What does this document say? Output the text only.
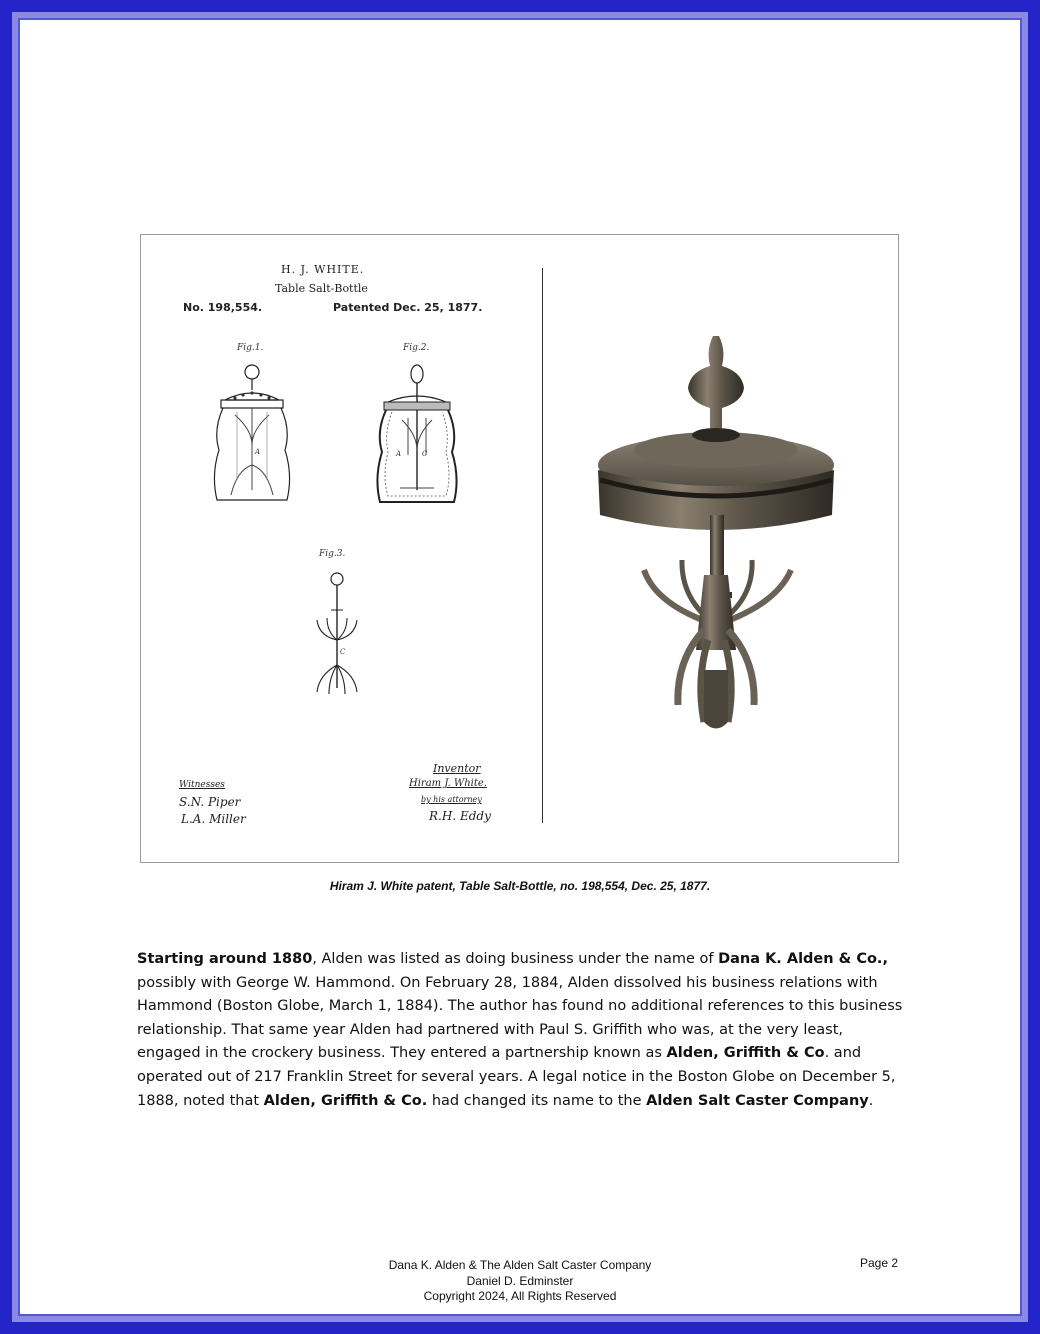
H. J. WHITE.
Table Salt-Bottle
No. 198,554.	Patented Dec. 25, 1877.
Fig.1.	Fig.2.
Fig.3.
A	A	C
C
Witnesses
S.N. Piper
L.A. Miller
Inventor
Hiram J. White.
by his attorney
R.H. Eddy
Hiram J. White patent, Table Salt-Bottle, no. 198,554, Dec. 25, 1877.

Starting around 1880, Alden was listed as doing business under the name of Dana K. Alden & Co., possibly with George W. Hammond. On February 28, 1884, Alden dissolved his business relations with Hammond (Boston Globe, March 1, 1884). The author has found no additional references to this business relationship. That same year Alden had partnered with Paul S. Griffith who was, at the very least, engaged in the crockery business. They entered a partnership known as Alden, Griffith & Co. and operated out of 217 Franklin Street for several years. A legal notice in the Boston Globe on December 5, 1888, noted that Alden, Griffith & Co. had changed its name to the Alden Salt Caster Company.

Dana K. Alden & The Alden Salt Caster Company
Daniel D. Edminster
Copyright 2024, All Rights Reserved
Page 2
